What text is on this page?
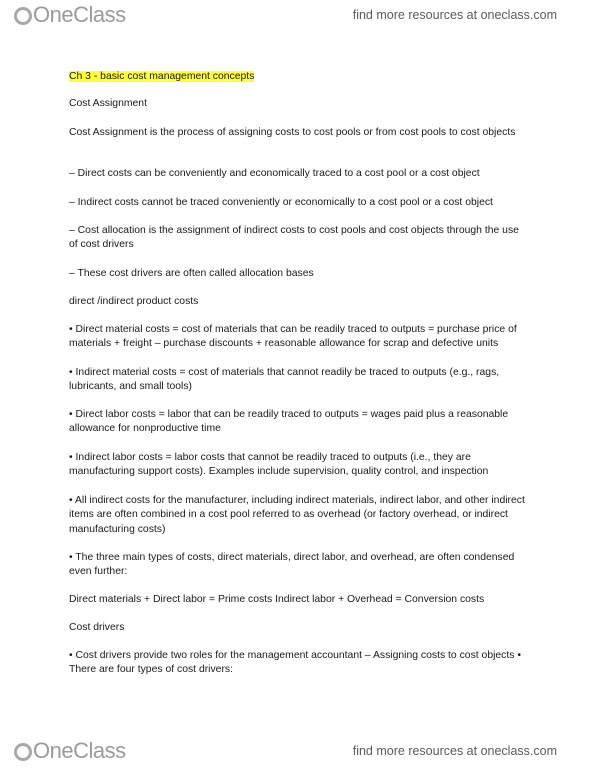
OneClass	find more resources at oneclass.com

Ch 3 - basic cost management concepts

Cost Assignment

Cost Assignment is the process of assigning costs to cost pools or from cost pools to cost objects

– Direct costs can be conveniently and economically traced to a cost pool or a cost object

– Indirect costs cannot be traced conveniently or economically to a cost pool or a cost object

– Cost allocation is the assignment of indirect costs to cost pools and cost objects through the use of cost drivers

– These cost drivers are often called allocation bases

direct /indirect product costs

• Direct material costs = cost of materials that can be readily traced to outputs = purchase price of materials + freight – purchase discounts + reasonable allowance for scrap and defective units

• Indirect material costs = cost of materials that cannot readily be traced to outputs (e.g., rags, lubricants, and small tools)

• Direct labor costs = labor that can be readily traced to outputs = wages paid plus a reasonable allowance for nonproductive time

• Indirect labor costs = labor costs that cannot be readily traced to outputs (i.e., they are manufacturing support costs). Examples include supervision, quality control, and inspection

• All indirect costs for the manufacturer, including indirect materials, indirect labor, and other indirect items are often combined in a cost pool referred to as overhead (or factory overhead, or indirect manufacturing costs)

• The three main types of costs, direct materials, direct labor, and overhead, are often condensed even further:

Direct materials + Direct labor = Prime costs Indirect labor + Overhead = Conversion costs

Cost drivers

• Cost drivers provide two roles for the management accountant – Assigning costs to cost objects • There are four types of cost drivers:

OneClass	find more resources at oneclass.com
